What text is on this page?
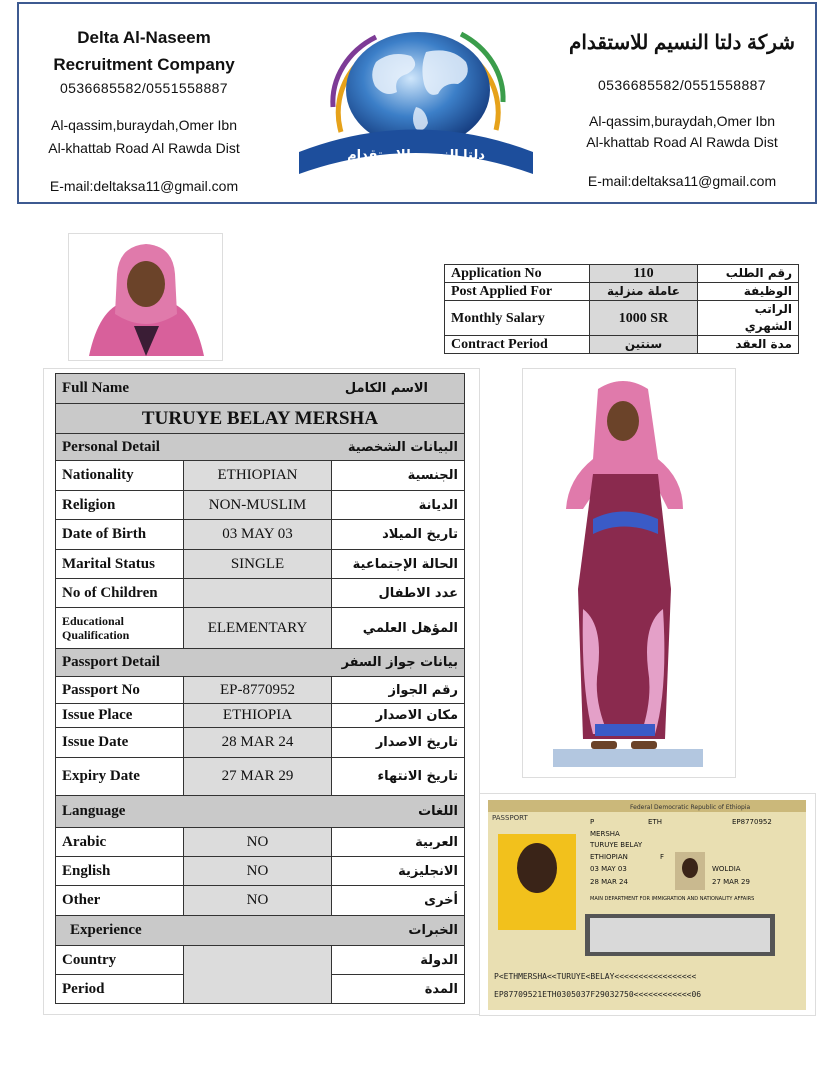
Delta Al-Naseem
Recruitment Company
0536685582/0551558887
Al-qassim,buraydah,Omer Ibn
Al-khattab Road Al Rawda Dist
E-mail:deltaksa11@gmail.com
دلتا النسيم للاستقدام
شركة دلتا النسيم للاستقدام
0536685582/0551558887
Al-qassim,buraydah,Omer Ibn
Al-khattab Road Al Rawda Dist
E-mail:deltaksa11@gmail.com
Application No	110	رقم الطلب
Post Applied For	عاملة منزلية	الوظيفة
Monthly Salary	1000 SR	الراتب الشهري
Contract Period	سنتين	مدة العقد
Full Name الاسم الكامل		

TURUYE BELAY MERSHA		

Personal Detail البيانات الشخصية		

Nationality	ETHIOPIAN	الجنسية
Religion	NON-MUSLIM	الديانة
Date of Birth	03 MAY 03	تاريخ الميلاد
Marital Status	SINGLE	الحالة الإجتماعية
No of Children		عدد الاطفال

Educational
Qualification	ELEMENTARY	المؤهل العلمي

Passport Detail بيانات جواز السفر		

Passport No	EP-8770952	رقم الجواز
Issue Place	ETHIOPIA	مكان الاصدار
Issue Date	28 MAR 24	تاريخ الاصدار
Expiry Date	27 MAR 29	تاريخ الانتهاء

Language اللغات		

Arabic	NO	العربية
English	NO	الانجليزية
Other	NO	أخرى

Experience الخبرات		

Country		الدولة
Period		المدة
Federal Democratic Republic of Ethiopia
PASSPORT	P	ETH	EP8770952
MERSHA
TURUYE BELAY
ETHIOPIAN	F
03 MAY 03	WOLDIA
28 MAR 24	27 MAR 29
MAIN DEPARTMENT FOR IMMIGRATION AND NATIONALITY AFFAIRS
P<ETHMERSHA<<TURUYE<BELAY<<<<<<<<<<<<<<<<<
EP87709521ETH0305037F29032750<<<<<<<<<<<<06
